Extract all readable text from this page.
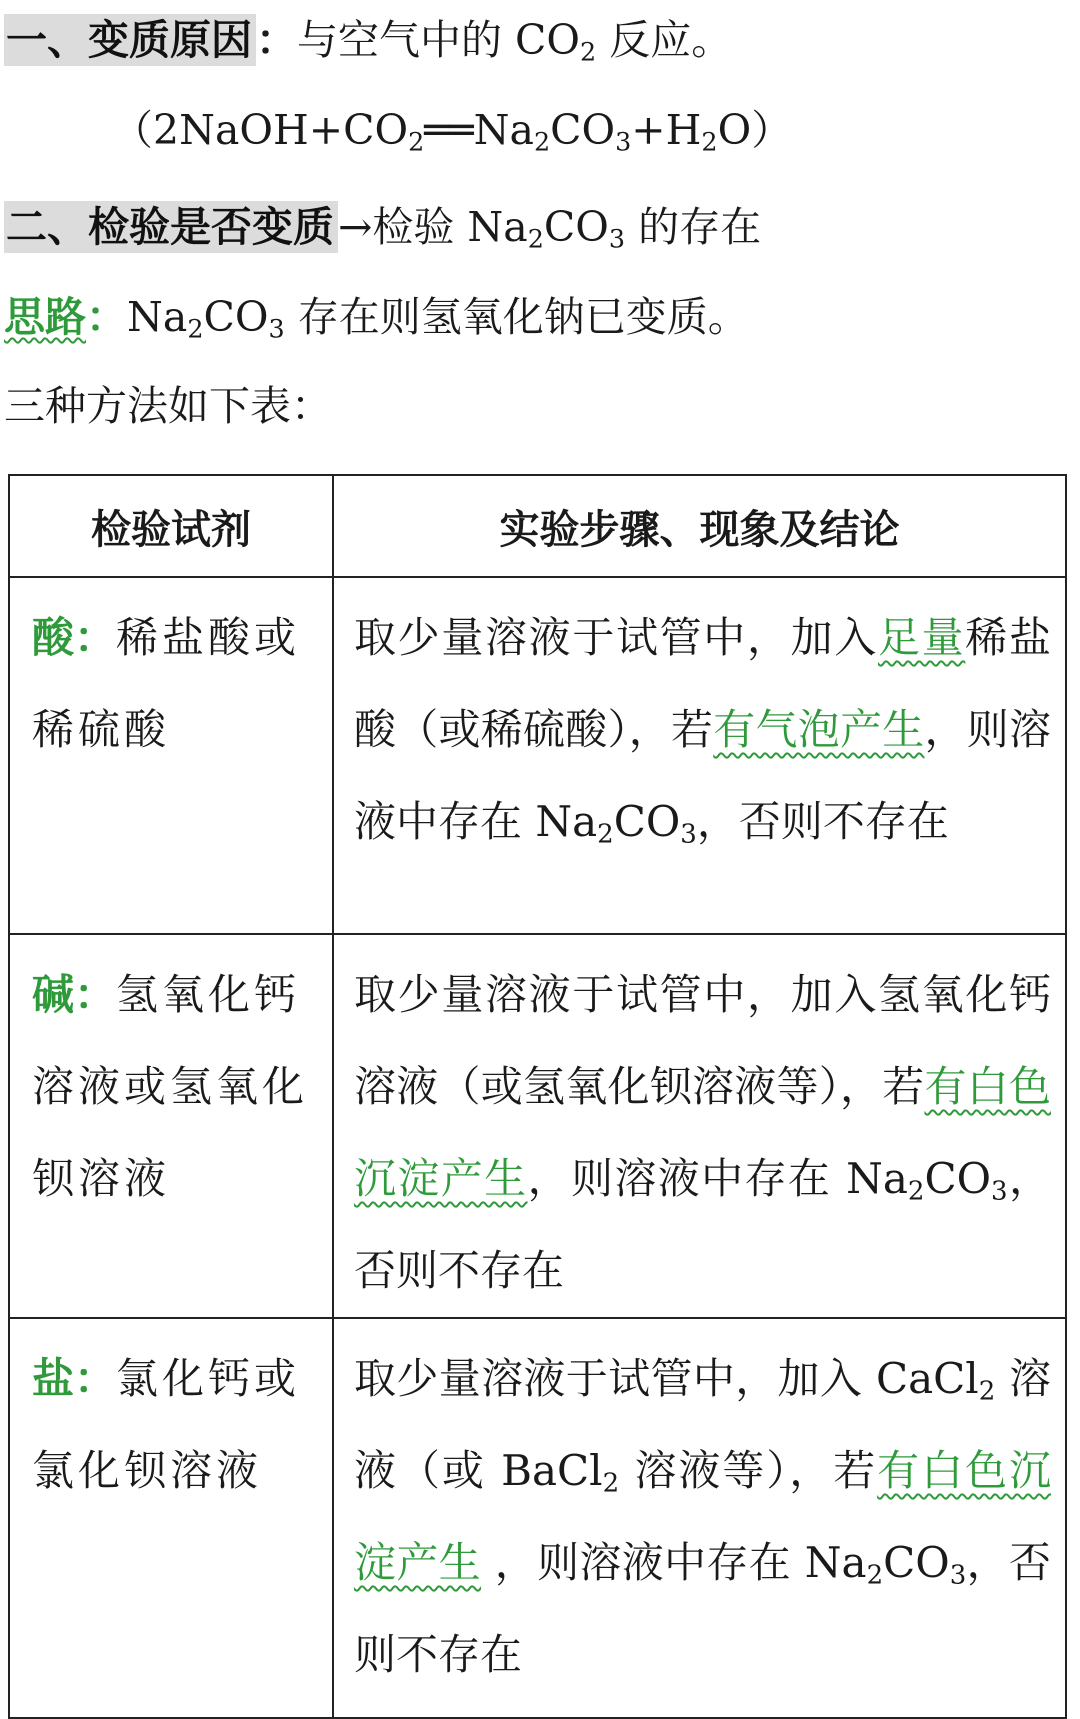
一、变质原因：与空气中的 $CO_2$ 反应。
$(2NaOH+CO_2══Na_2CO_3+H_2O)$
二、检验是否变质→检验 $Na_2CO_3$ 的存在
思路：$Na_2CO_3$ 存在则氢氧化钠已变质。
三种方法如下表：
检验试剂	实验步骤、现象及结论
酸：稀盐酸或稀硫酸	取少量溶液于试管中，加入足量稀盐酸（或稀硫酸），若有气泡产生，则溶液中存在 $Na_2CO_3$，否则不存在
碱：氢氧化钙溶液或氢氧化钡溶液	取少量溶液于试管中，加入氢氧化钙溶液（或氢氧化钡溶液等），若有白色沉淀产生，则溶液中存在 $Na_2CO_3$，否则不存在
盐：氯化钙或氯化钡溶液	取少量溶液于试管中，加入 CaCl$_2$ 溶液（或 BaCl$_2$ 溶液等），若有白色沉淀产生 ，则溶液中存在 $Na_2CO_3$，否则不存在
